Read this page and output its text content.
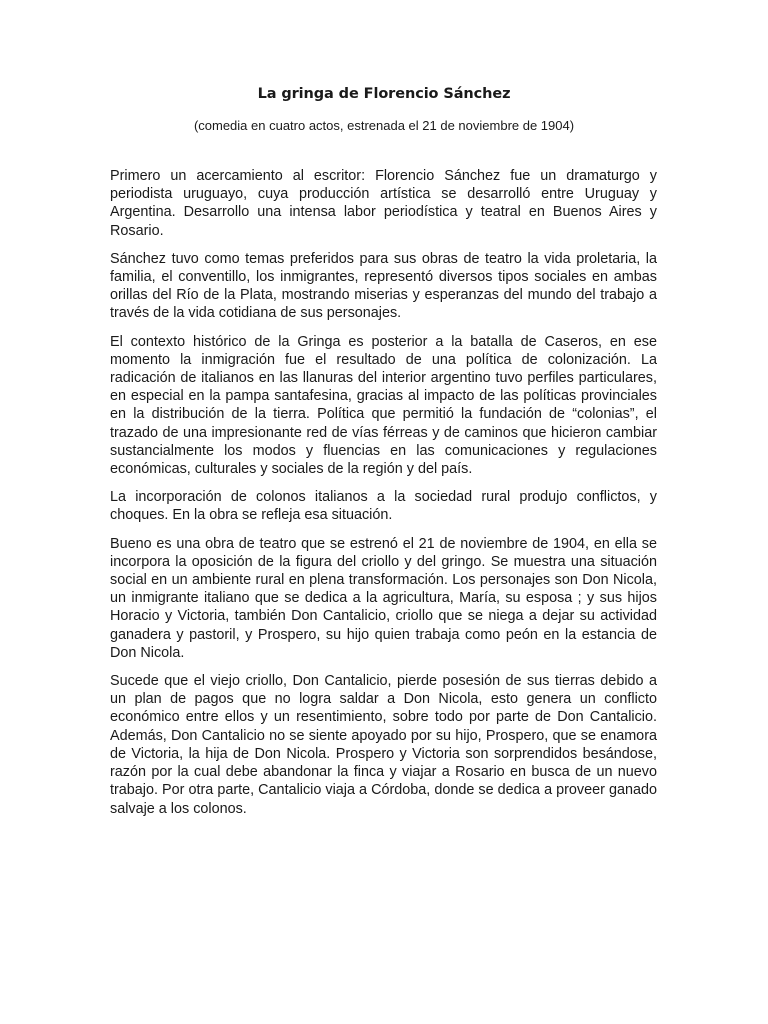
La gringa de Florencio Sánchez
(comedia en cuatro actos, estrenada el 21 de noviembre de 1904)

Primero un acercamiento al escritor: Florencio Sánchez fue un dramaturgo y periodista uruguayo, cuya producción artística se desarrolló entre Uruguay y Argentina. Desarrollo una intensa labor periodística y teatral en Buenos Aires y Rosario.

Sánchez tuvo como temas preferidos para sus obras de teatro la vida proletaria, la familia, el conventillo, los inmigrantes, representó diversos tipos sociales en ambas orillas del Río de la Plata, mostrando miserias y esperanzas del mundo del trabajo a través de la vida cotidiana de sus personajes.

El contexto histórico de la Gringa es posterior a la batalla de Caseros, en ese momento la inmigración fue el resultado de una política de colonización. La radicación de italianos en las llanuras del interior argentino tuvo perfiles particulares, en especial en la pampa santafesina, gracias al impacto de las políticas provinciales en la distribución de la tierra. Política que permitió la fundación de “colonias”, el trazado de una impresionante red de vías férreas y de caminos que hicieron cambiar sustancialmente los modos y fluencias en las comunicaciones y regulaciones económicas, culturales y sociales de la región y del país.

La incorporación de colonos italianos a la sociedad rural produjo conflictos, y choques. En la obra se refleja esa situación.

Bueno es una obra de teatro que se estrenó el 21 de noviembre de 1904, en ella se incorpora la oposición de la figura del criollo y del gringo. Se muestra una situación social en un ambiente rural en plena transformación. Los personajes son Don Nicola, un inmigrante italiano que se dedica a la agricultura, María, su esposa ; y sus hijos Horacio y Victoria, también Don Cantalicio, criollo que se niega a dejar su actividad ganadera y pastoril, y Prospero, su hijo quien trabaja como peón en la estancia de Don Nicola.

Sucede que el viejo criollo, Don Cantalicio, pierde posesión de sus tierras debido a un plan de pagos que no logra saldar a Don Nicola, esto genera un conflicto económico entre ellos y un resentimiento, sobre todo por parte de Don Cantalicio. Además, Don Cantalicio no se siente apoyado por su hijo, Prospero, que se enamora de Victoria, la hija de Don Nicola. Prospero y Victoria son sorprendidos besándose, razón por la cual debe abandonar la finca y viajar a Rosario en busca de un nuevo trabajo. Por otra parte, Cantalicio viaja a Córdoba, donde se dedica a proveer ganado salvaje a los colonos.
